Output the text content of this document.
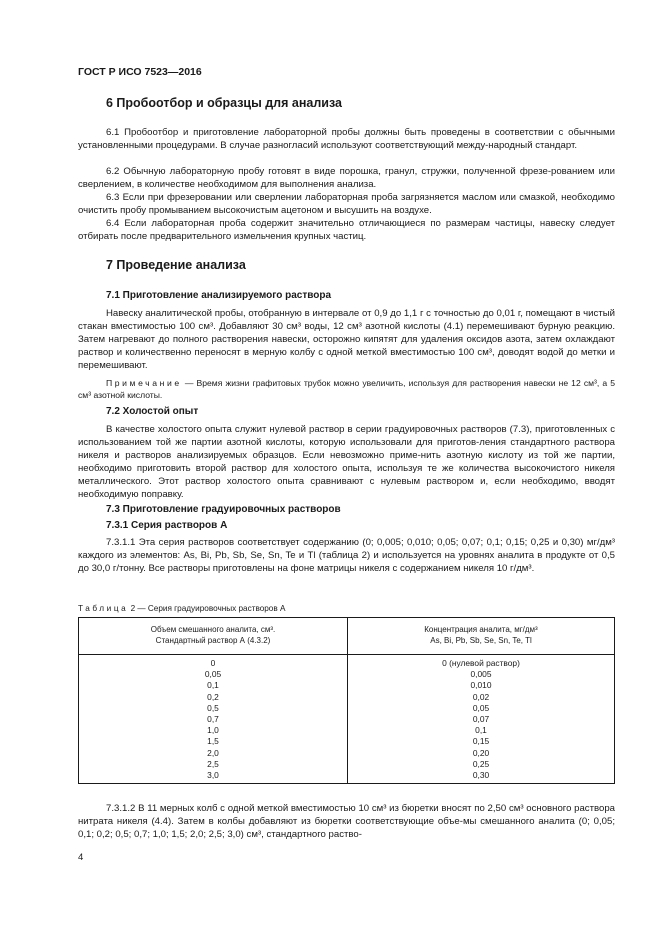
ГОСТ Р ИСО 7523—2016
6 Пробоотбор и образцы для анализа

6.1 Пробоотбор и приготовление лабораторной пробы должны быть проведены в соответствии с обычными установленными процедурами. В случае разногласий используют соответствующий между-народный стандарт.

6.2 Обычную лабораторную пробу готовят в виде порошка, гранул, стружки, полученной фрезе-рованием или сверлением, в количестве необходимом для выполнения анализа.

6.3 Если при фрезеровании или сверлении лабораторная проба загрязняется маслом или смазкой, необходимо очистить пробу промыванием высокочистым ацетоном и высушить на воздухе.

6.4 Если лабораторная проба содержит значительно отличающиеся по размерам частицы, навеску следует отбирать после предварительного измельчения крупных частиц.

7 Проведение анализа
7.1 Приготовление анализируемого раствора

Навеску аналитической пробы, отобранную в интервале от 0,9 до 1,1 г с точностью до 0,01 г, помещают в чистый стакан вместимостью 100 см³. Добавляют 30 см³ воды, 12 см³ азотной кислоты (4.1) перемешивают бурную реакцию. Затем нагревают до полного растворения навески, осторожно кипятят для удаления оксидов азота, затем охлаждают раствор и количественно переносят в мерную колбу с одной меткой вместимостью 100 см³, доводят водой до метки и перемешивают.

Примечание — Время жизни графитовых трубок можно увеличить, используя для растворения навески не 12 см³, а 5 см³ азотной кислоты.

7.2 Холостой опыт

В качестве холостого опыта служит нулевой раствор в серии градуировочных растворов (7.3), приготовленных с использованием той же партии азотной кислоты, которую использовали для приготов-ления стандартного раствора никеля и растворов анализируемых образцов. Если невозможно приме-нить азотную кислоту из той же партии, необходимо приготовить второй раствор для холостого опыта, используя те же количества высокочистого никеля металлического. Этот раствор холостого опыта сравнивают с нулевым раствором и, если необходимо, вводят необходимую поправку.

7.3 Приготовление градуировочных растворов
7.3.1 Серия растворов А

7.3.1.1 Эта серия растворов соответствует содержанию (0; 0,005; 0,010; 0,05; 0,07; 0,1; 0,15; 0,25 и 0,30) мг/дм³ каждого из элементов: As, Bi, Pb, Sb, Se, Sn, Te и Tl (таблица 2) и используется на уровнях аналита в продукте от 0,5 до 30,0 г/тонну. Все растворы приготовлены на фоне матрицы никеля с содержанием никеля 10 г/дм³.

Таблица 2 — Серия градуировочных растворов А
Объем смешанного аналита, см³.
Стандартный раствор А (4.3.2)
Концентрация аналита, мг/дм³
As, Bi, Pb, Sb, Se, Sn, Te, Tl
0
0,05
0,1
0,2
0,5
0,7
1,0
1,5
2,0
2,5
3,0
0 (нулевой раствор)
0,005
0,010
0,02
0,05
0,07
0,1
0,15
0,20
0,25
0,30

7.3.1.2 В 11 мерных колб с одной меткой вместимостью 10 см³ из бюретки вносят по 2,50 см³ основного раствора нитрата никеля (4.4). Затем в колбы добавляют из бюретки соответствующие объе-мы смешанного аналита (0; 0,05; 0,1; 0,2; 0,5; 0,7; 1,0; 1,5; 2,0; 2,5; 3,0) см³, стандартного раство-

4
